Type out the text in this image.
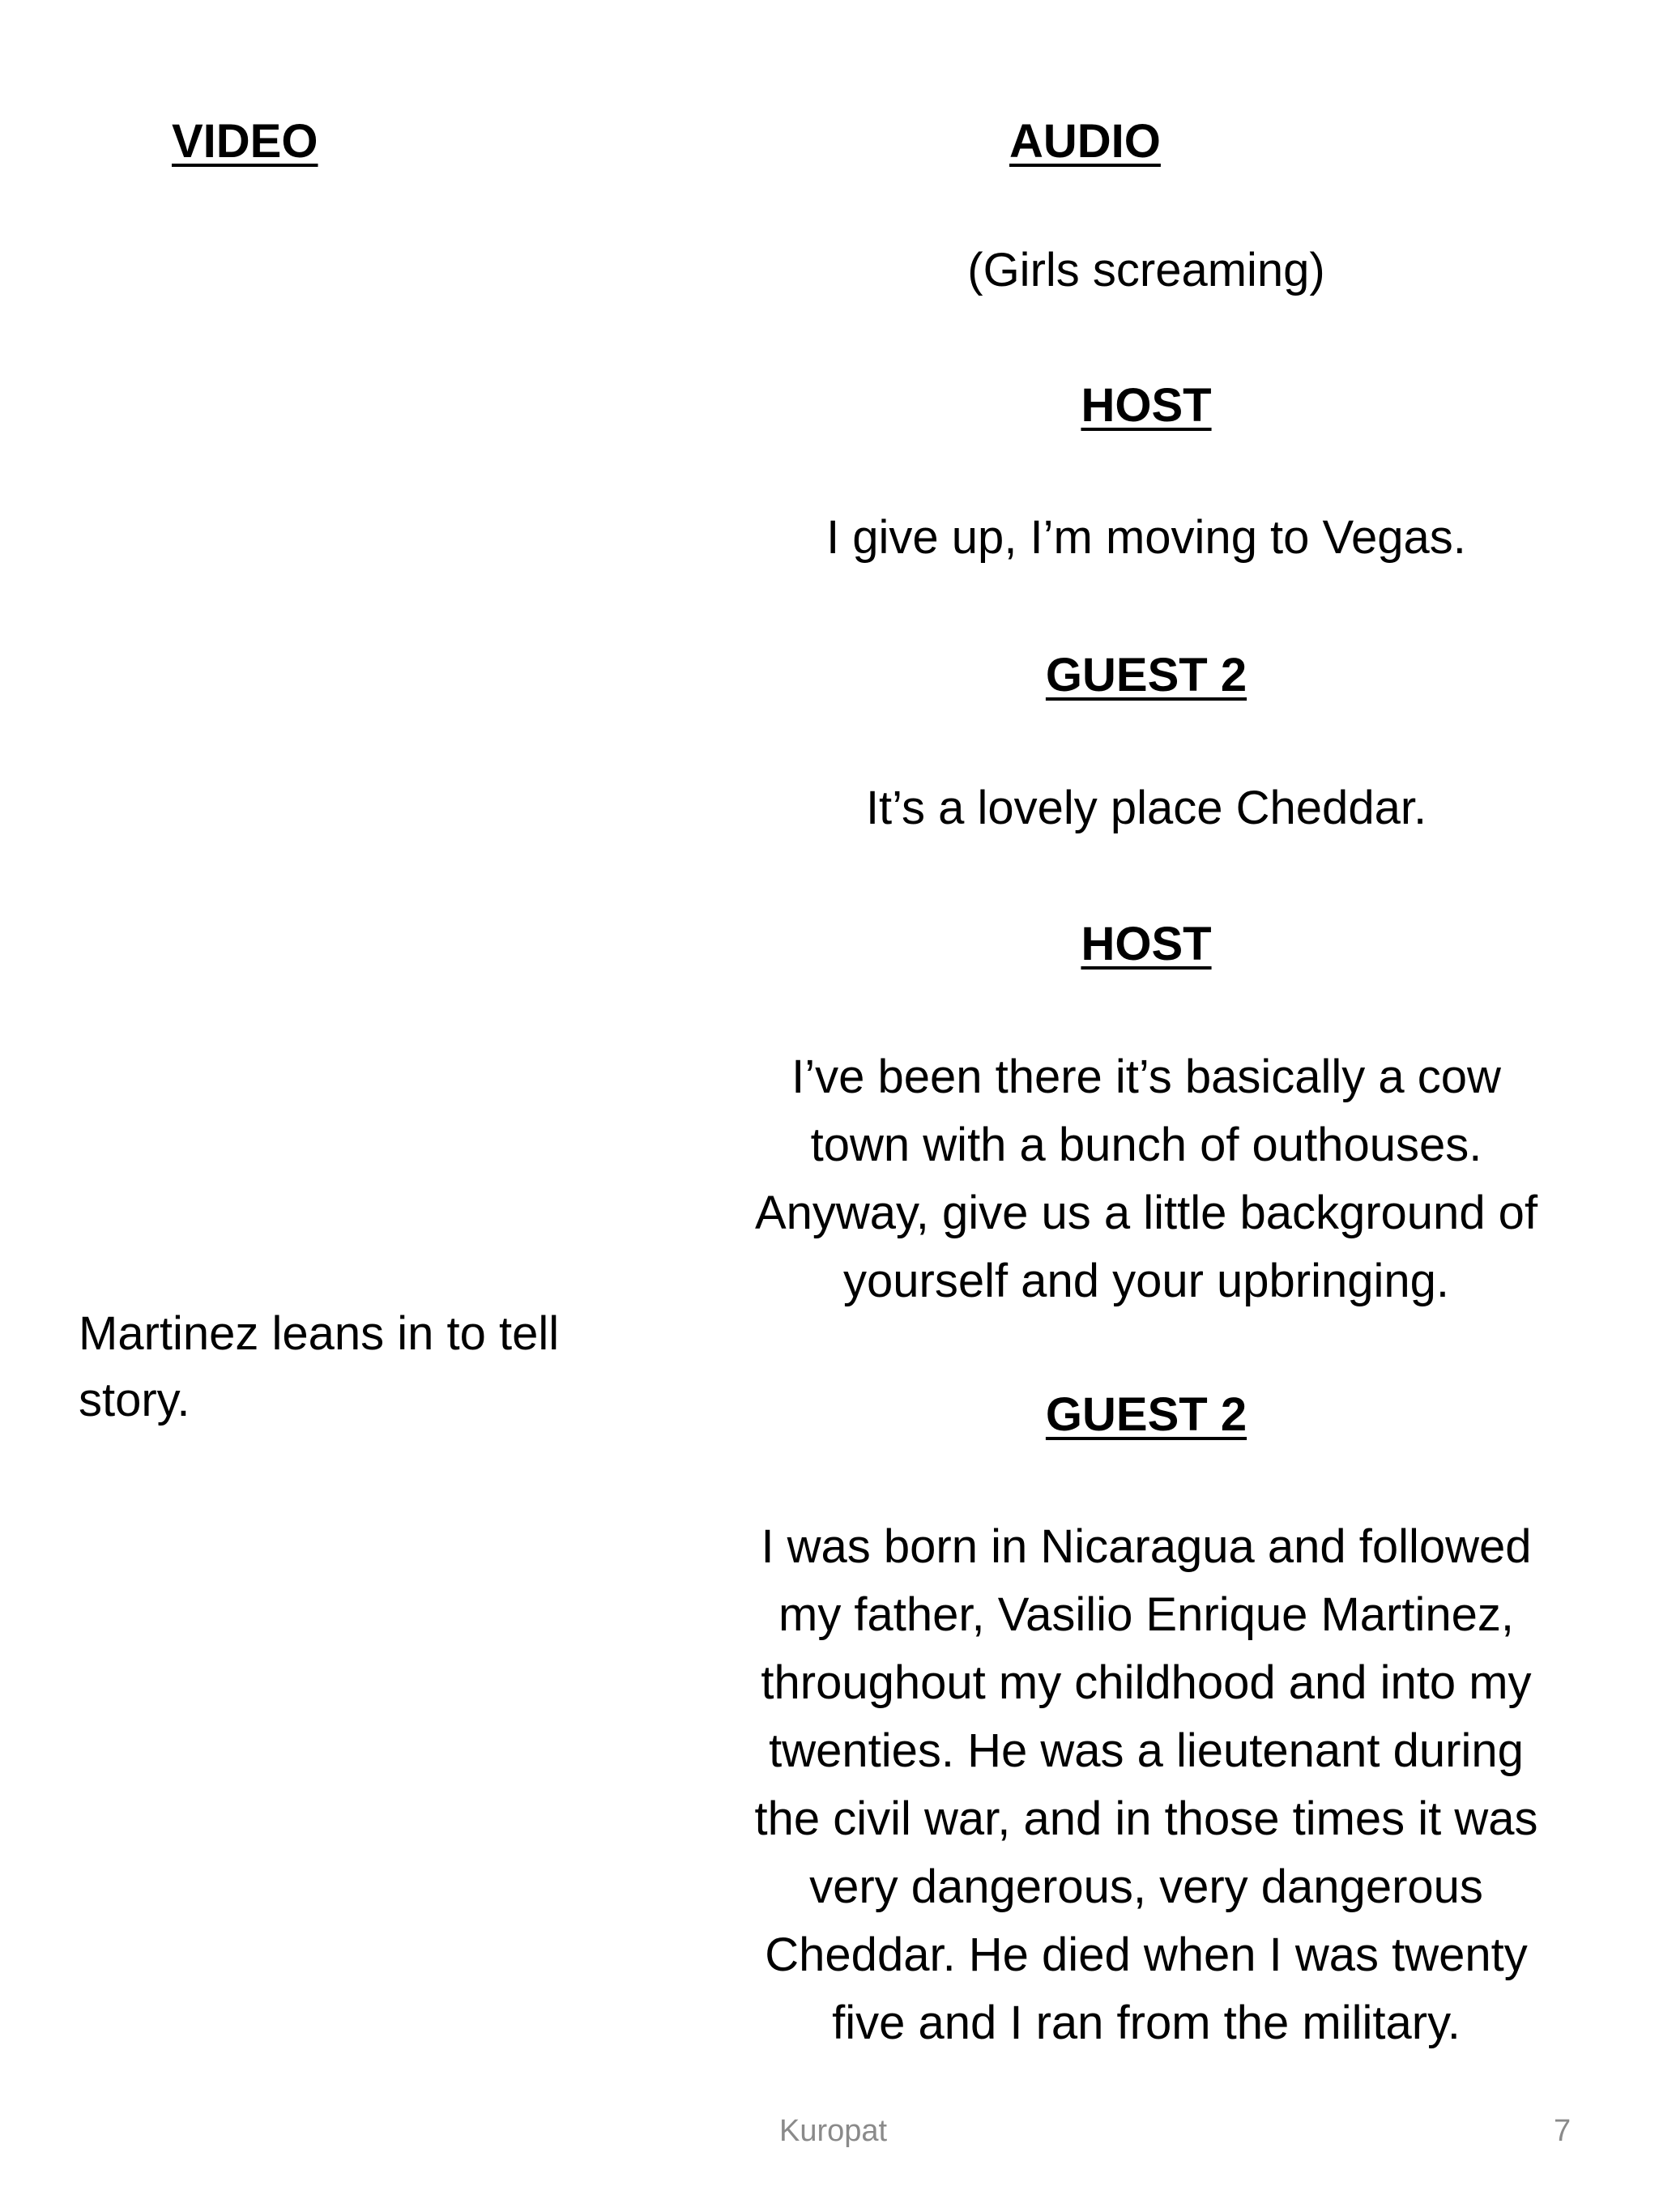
VIDEO	AUDIO
Martinez leans in to tell
story.
(Girls screaming)
HOST
I give up, I’m moving to Vegas.
GUEST 2
It’s a lovely place Cheddar.
HOST
I’ve been there it’s basically a cow
town with a bunch of outhouses.
Anyway, give us a little background of
yourself and your upbringing.
GUEST 2
I was born in Nicaragua and followed
my father, Vasilio Enrique Martinez,
throughout my childhood and into my
twenties. He was a lieutenant during
the civil war, and in those times it was
very dangerous, very dangerous
Cheddar. He died when I was twenty
five and I ran from the military.
Kuropat	7
